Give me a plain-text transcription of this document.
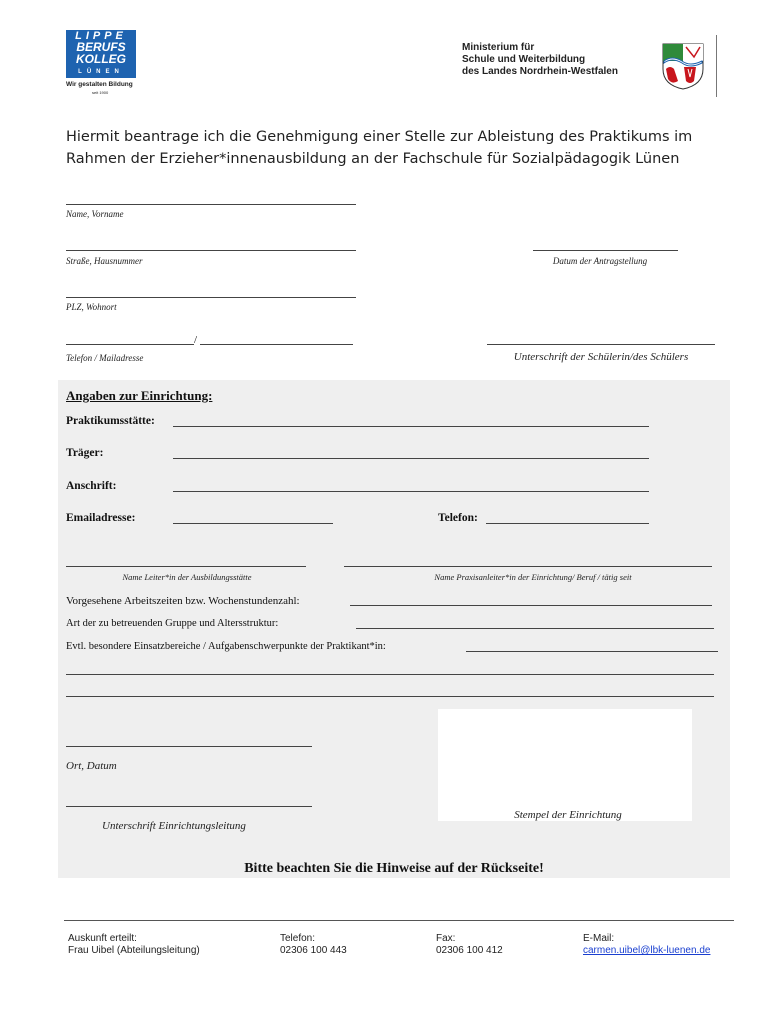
LIPPE
BERUFS
KOLLEG
LÜNEN
Wir gestalten Bildung
seit 1900
Ministerium für
Schule und Weiterbildung
des Landes Nordrhein-Westfalen
Hiermit beantrage ich die Genehmigung einer Stelle zur Ableistung des Praktikums im Rahmen der Erzieher*innenausbildung an der Fachschule für Sozialpädagogik Lünen
Name, Vorname
Straße, Hausnummer	Datum der Antragstellung
PLZ, Wohnort
/
Telefon / Mailadresse	Unterschrift der Schülerin/des Schülers
Angaben zur Einrichtung:
Praktikumsstätte:
Träger:
Anschrift:
Emailadresse:	Telefon:
Name Leiter*in der Ausbildungsstätte	Name Praxisanleiter*in der Einrichtung/ Beruf / tätig seit
Vorgesehene Arbeitszeiten bzw. Wochenstundenzahl:
Art der zu betreuenden Gruppe und Altersstruktur:
Evtl. besondere Einsatzbereiche / Aufgabenschwerpunkte der Praktikant*in:
Stempel der Einrichtung
Ort, Datum
Unterschrift Einrichtungsleitung
Bitte beachten Sie die Hinweise auf der Rückseite!
Auskunft erteilt:
Frau Uibel (Abteilungsleitung)
Telefon:
02306 100 443
Fax:
02306 100 412
E-Mail:
carmen.uibel@lbk-luenen.de
